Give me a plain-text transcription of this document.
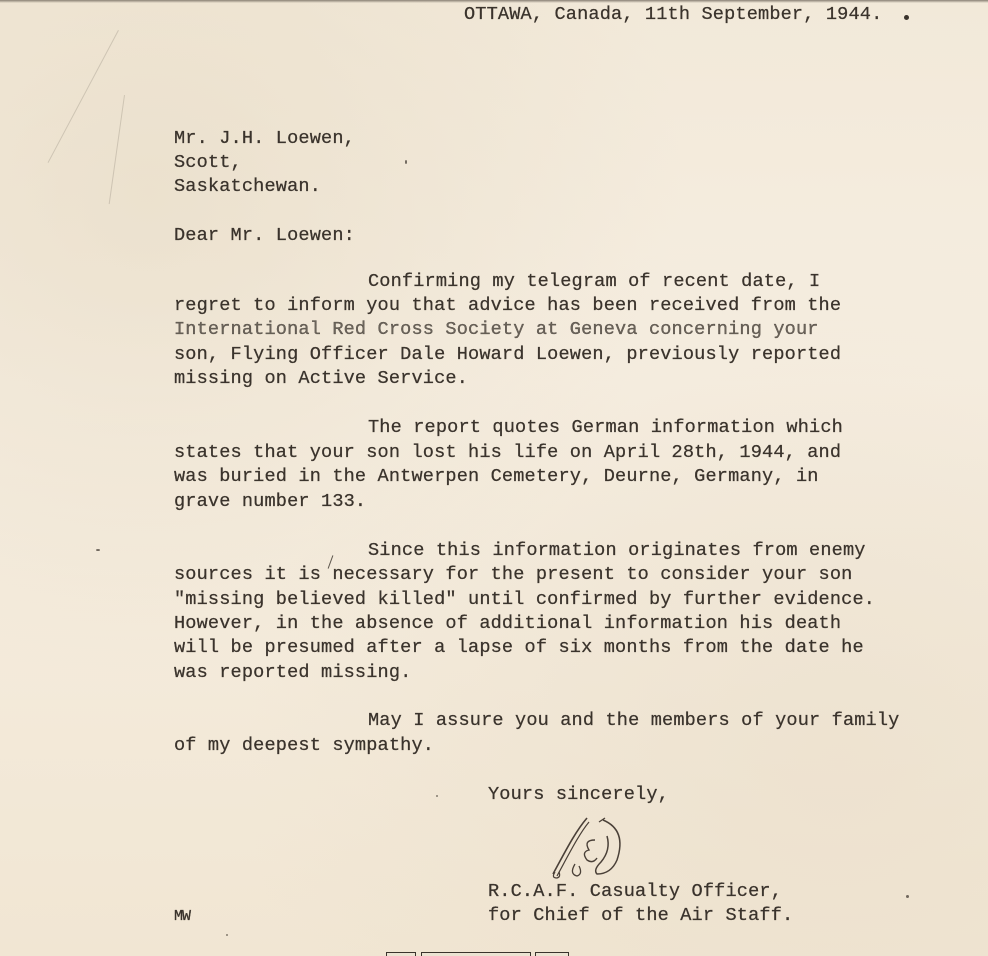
OTTAWA, Canada, 11th September, 1944.
Mr. J.H. Loewen,
Scott,
Saskatchewan.
Dear Mr. Loewen:
Confirming my telegram of recent date, I
regret to inform you that advice has been received from the
International Red Cross Society at Geneva concerning your
son, Flying Officer Dale Howard Loewen, previously reported
missing on Active Service.
The report quotes German information which
states that your son lost his life on April 28th, 1944, and
was buried in the Antwerpen Cemetery, Deurne, Germany, in
grave number 133.
Since this information originates from enemy
sources it is necessary for the present to consider your son
"missing believed killed" until confirmed by further evidence.
However, in the absence of additional information his death
will be presumed after a lapse of six months from the date he
was reported missing.
May I assure you and the members of your family
of my deepest sympathy.
Yours sincerely,
R.C.A.F. Casualty Officer,
for Chief of the Air Staff.
MW
